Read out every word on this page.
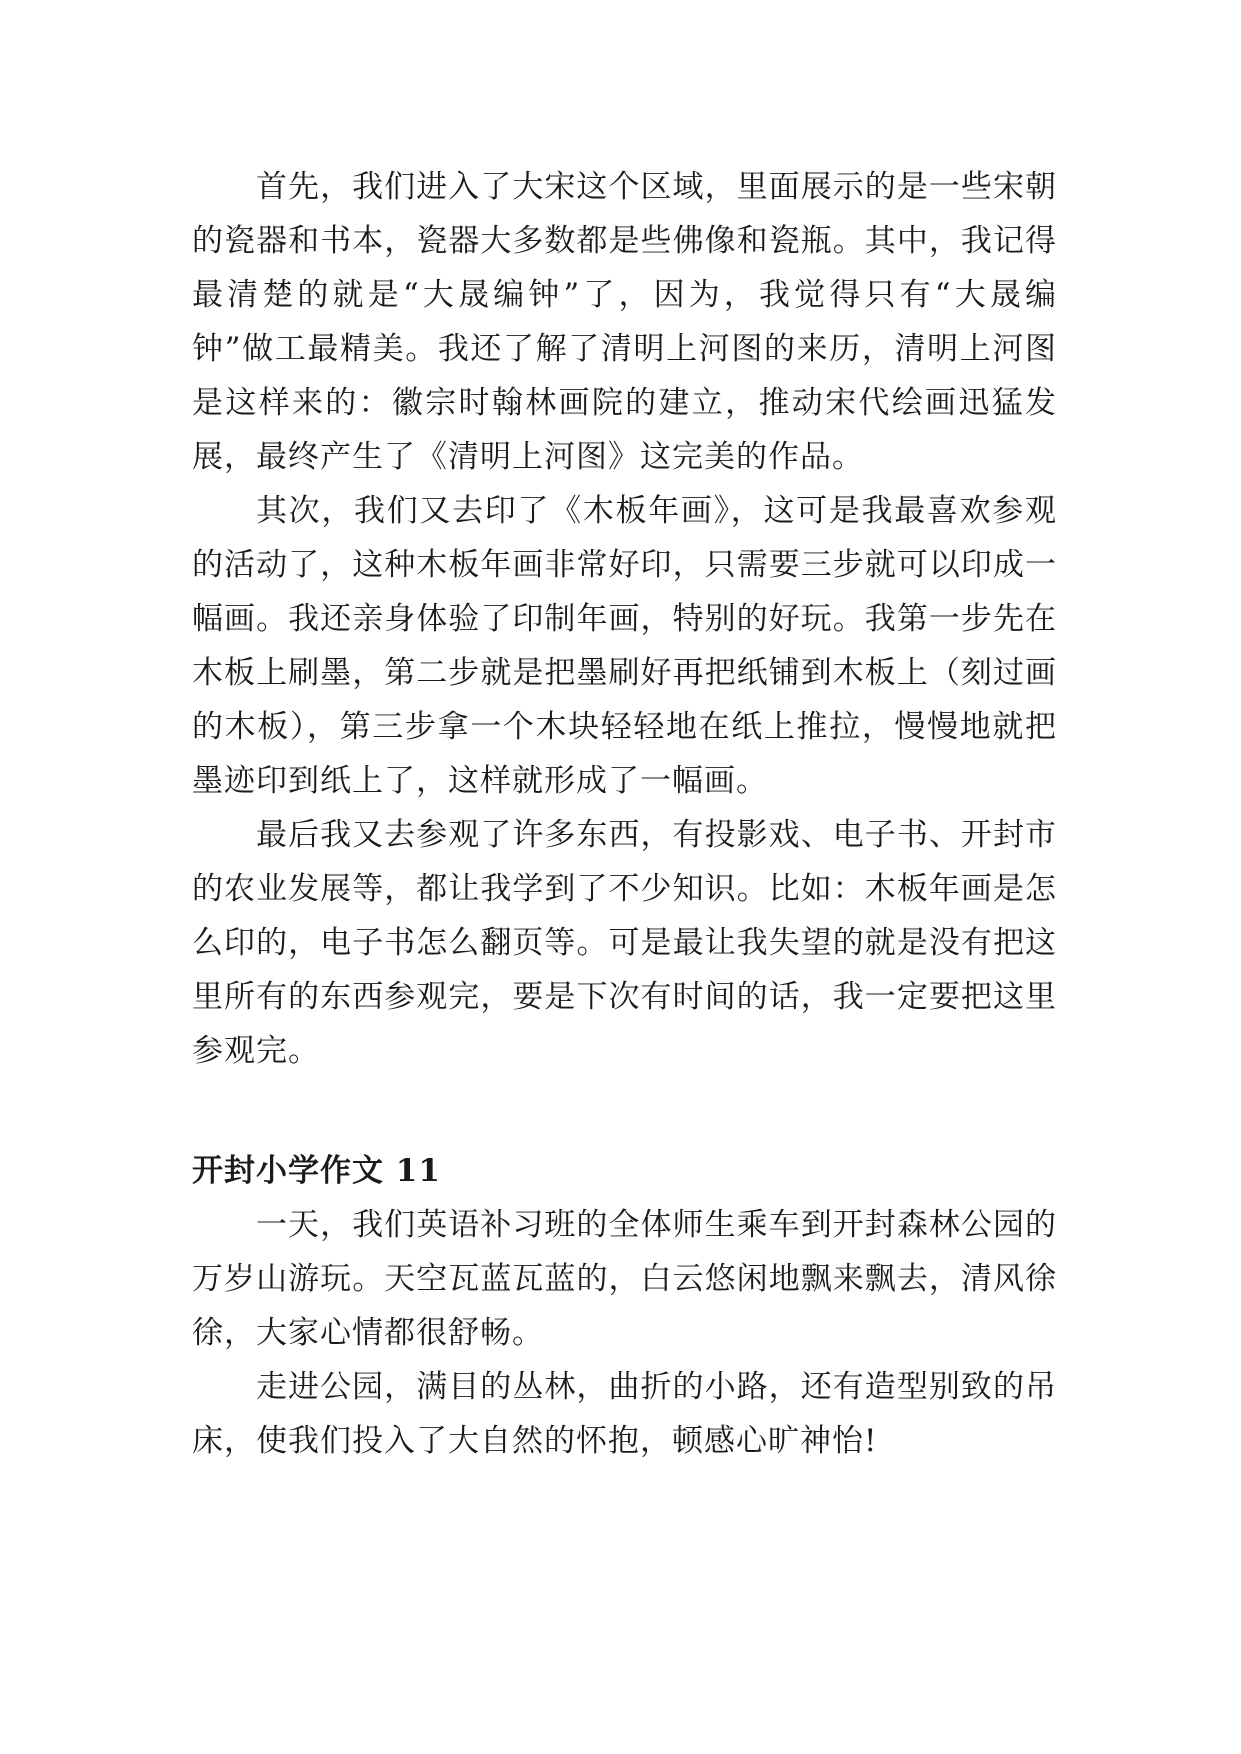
首先，我们进入了大宋这个区域，里面展示的是一些宋朝的瓷器和书本，瓷器大多数都是些佛像和瓷瓶。其中，我记得最清楚的就是“大晟编钟”了，因为，我觉得只有“大晟编钟”做工最精美。我还了解了清明上河图的来历，清明上河图是这样来的：徽宗时翰林画院的建立，推动宋代绘画迅猛发展，最终产生了《清明上河图》这完美的作品。

其次，我们又去印了《木板年画》，这可是我最喜欢参观的活动了，这种木板年画非常好印，只需要三步就可以印成一幅画。我还亲身体验了印制年画，特别的好玩。我第一步先在木板上刷墨，第二步就是把墨刷好再把纸铺到木板上（刻过画的木板），第三步拿一个木块轻轻地在纸上推拉，慢慢地就把墨迹印到纸上了，这样就形成了一幅画。

最后我又去参观了许多东西，有投影戏、电子书、开封市的农业发展等，都让我学到了不少知识。比如：木板年画是怎么印的，电子书怎么翻页等。可是最让我失望的就是没有把这里所有的东西参观完，要是下次有时间的话，我一定要把这里参观完。

开封小学作文 11

一天，我们英语补习班的全体师生乘车到开封森林公园的万岁山游玩。天空瓦蓝瓦蓝的，白云悠闲地飘来飘去，清风徐徐，大家心情都很舒畅。

走进公园，满目的丛林，曲折的小路，还有造型别致的吊床，使我们投入了大自然的怀抱，顿感心旷神怡!
